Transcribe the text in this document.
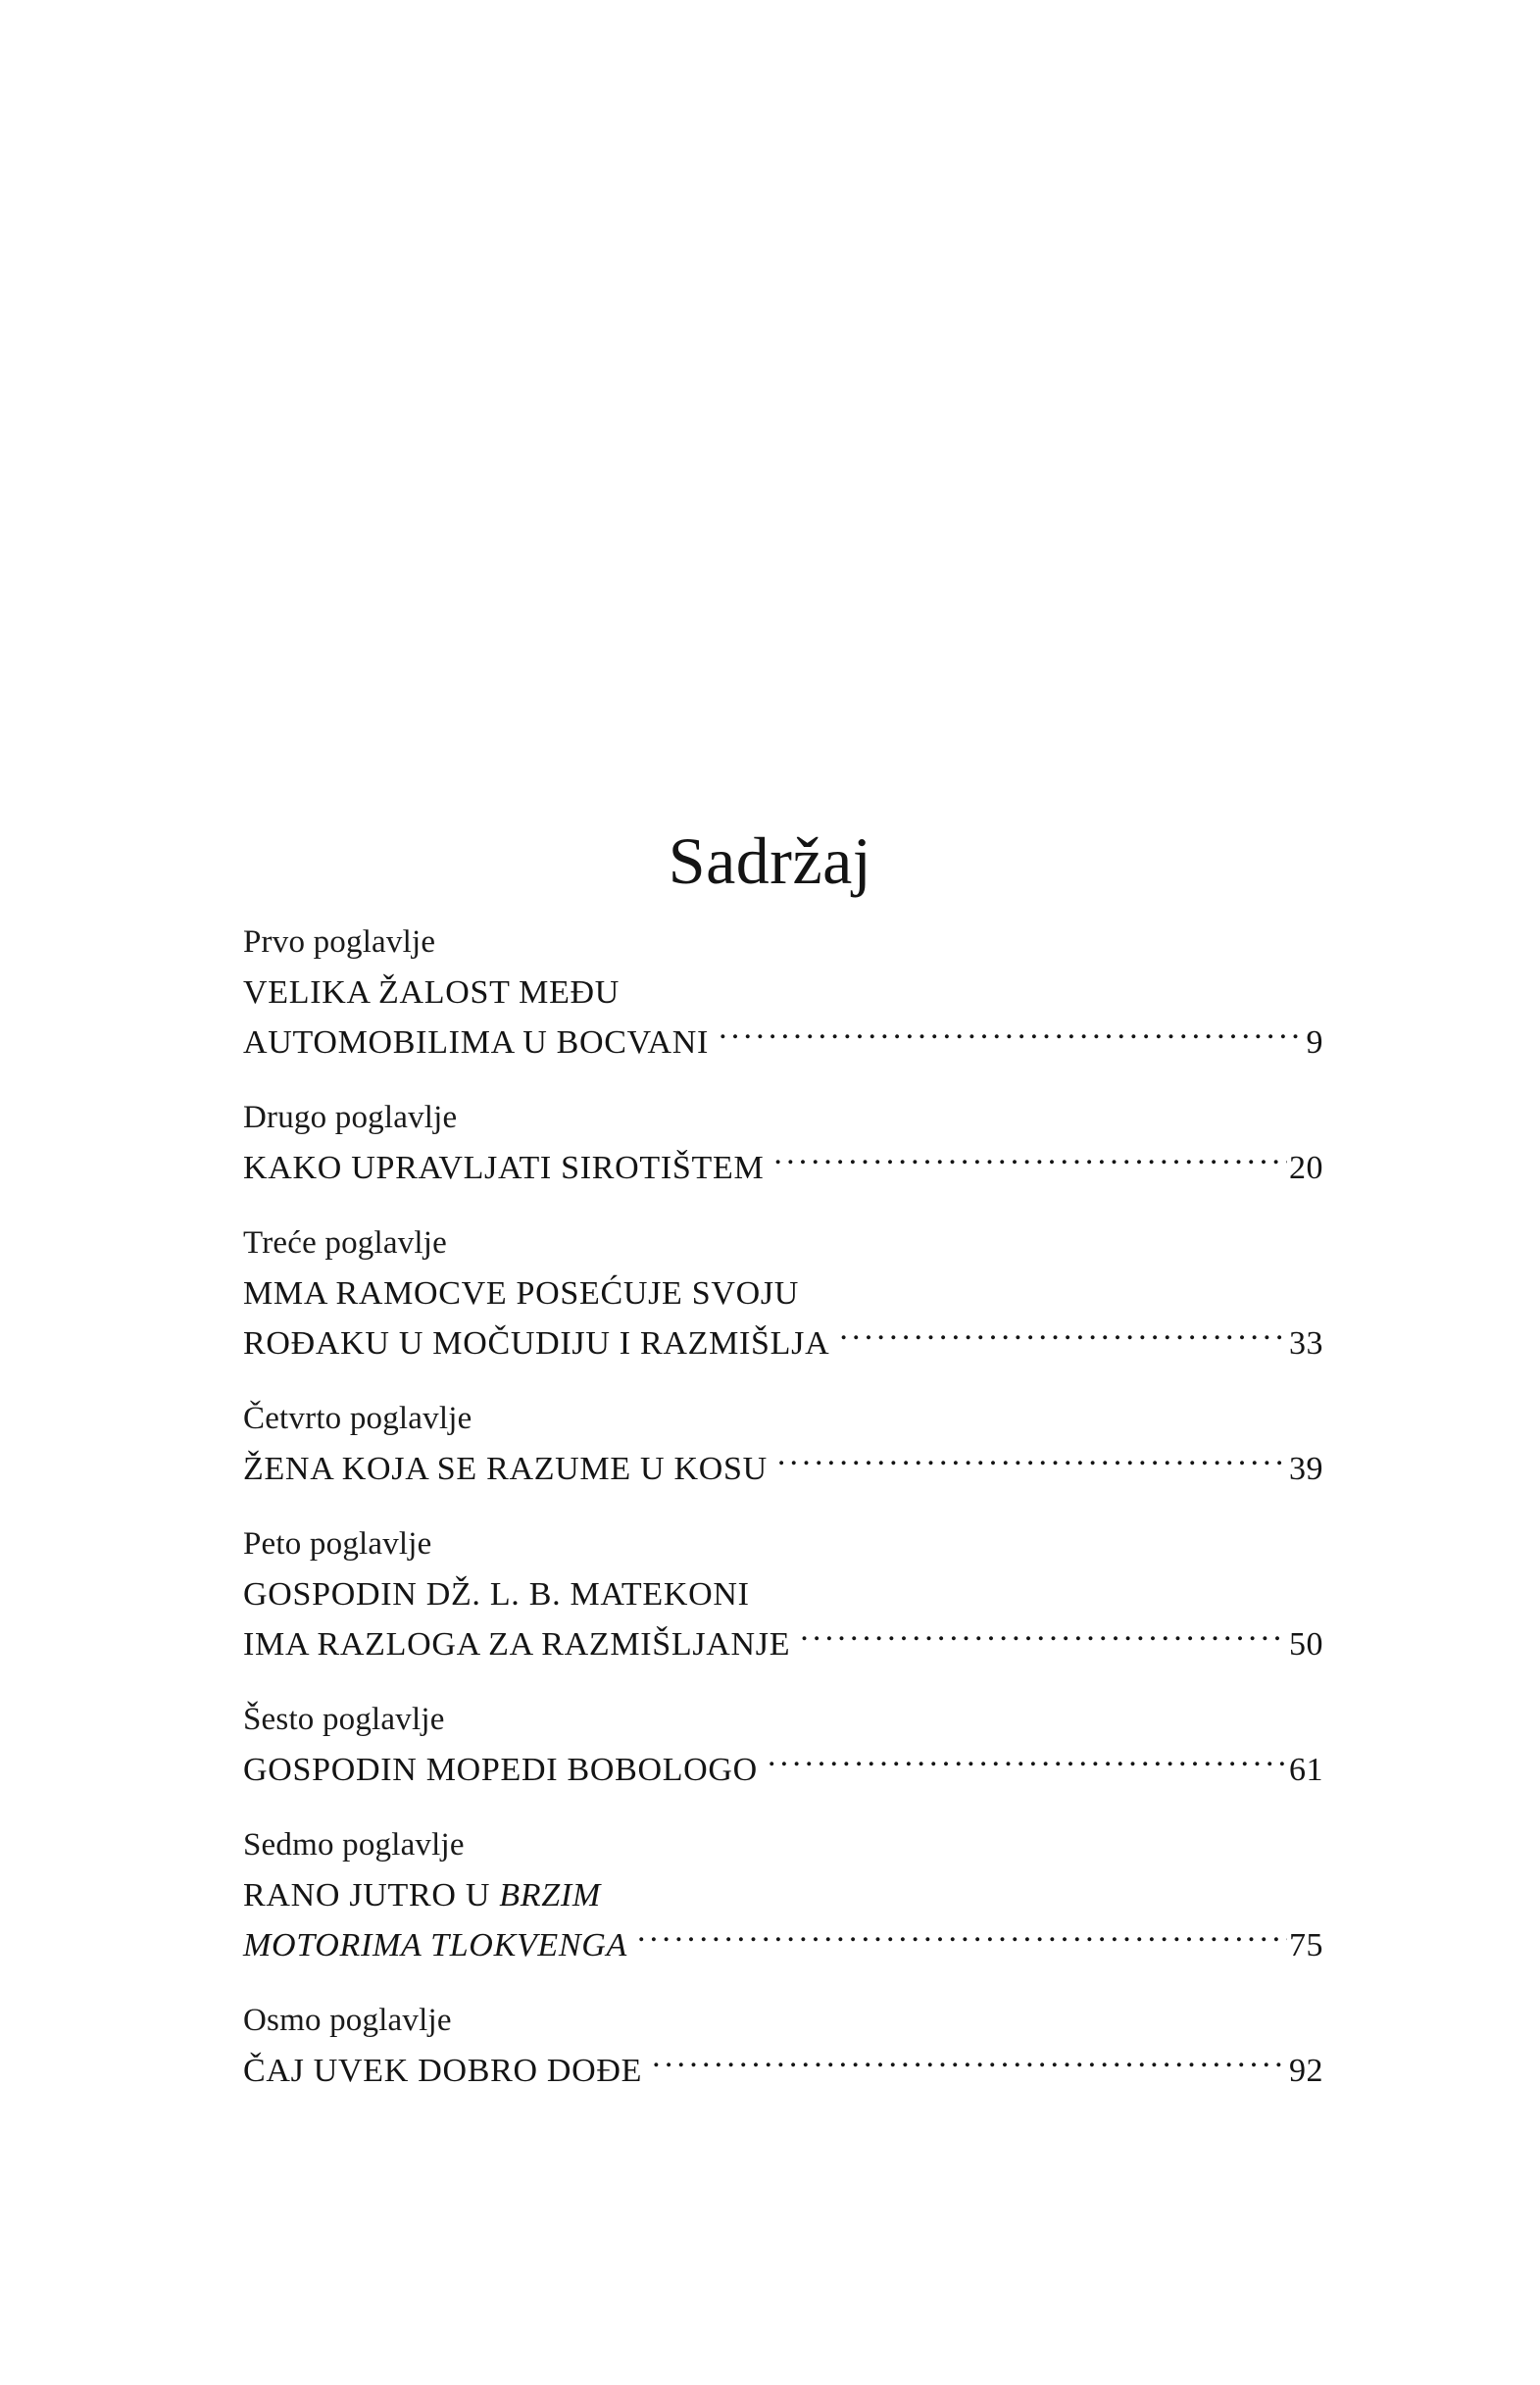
Sadržaj
Prvo poglavlje
VELIKA ŽALOST MEĐU
AUTOMOBILIMA U BOCVANI .....	9
Drugo poglavlje
KAKO UPRAVLJATI SIROTIŠTEM .....	20
Treće poglavlje
MMA RAMOCVE POSEĆUJE SVOJU
ROĐAKU U MOČUDIJU I RAZMIŠLJA .....	33
Četvrto poglavlje
ŽENA KOJA SE RAZUME U KOSU .....	39
Peto poglavlje
GOSPODIN DŽ. L. B. MATEKONI
IMA RAZLOGA ZA RAZMIŠLJANJE .....	50
Šesto poglavlje
GOSPODIN MOPEDI BOBOLOGO .....	61
Sedmo poglavlje
RANO JUTRO U BRZIM
MOTORIMA TLOKVENGA .....	75
Osmo poglavlje
ČAJ UVEK DOBRO DOĐE .....	92
